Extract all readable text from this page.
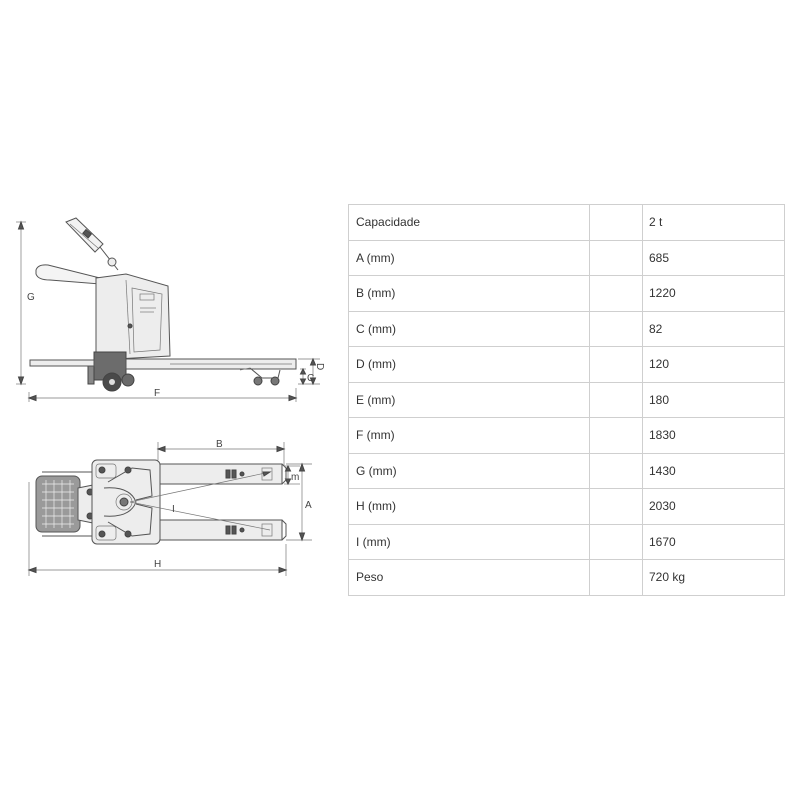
G
D
C
F
B
I
m
A
H
Capacidade		2 t
A (mm)		685
B (mm)		1220
C (mm)		82
D (mm)		120
E (mm)		180
F (mm)		1830
G (mm)		1430
H (mm)		2030
I (mm)		1670
Peso		720 kg
